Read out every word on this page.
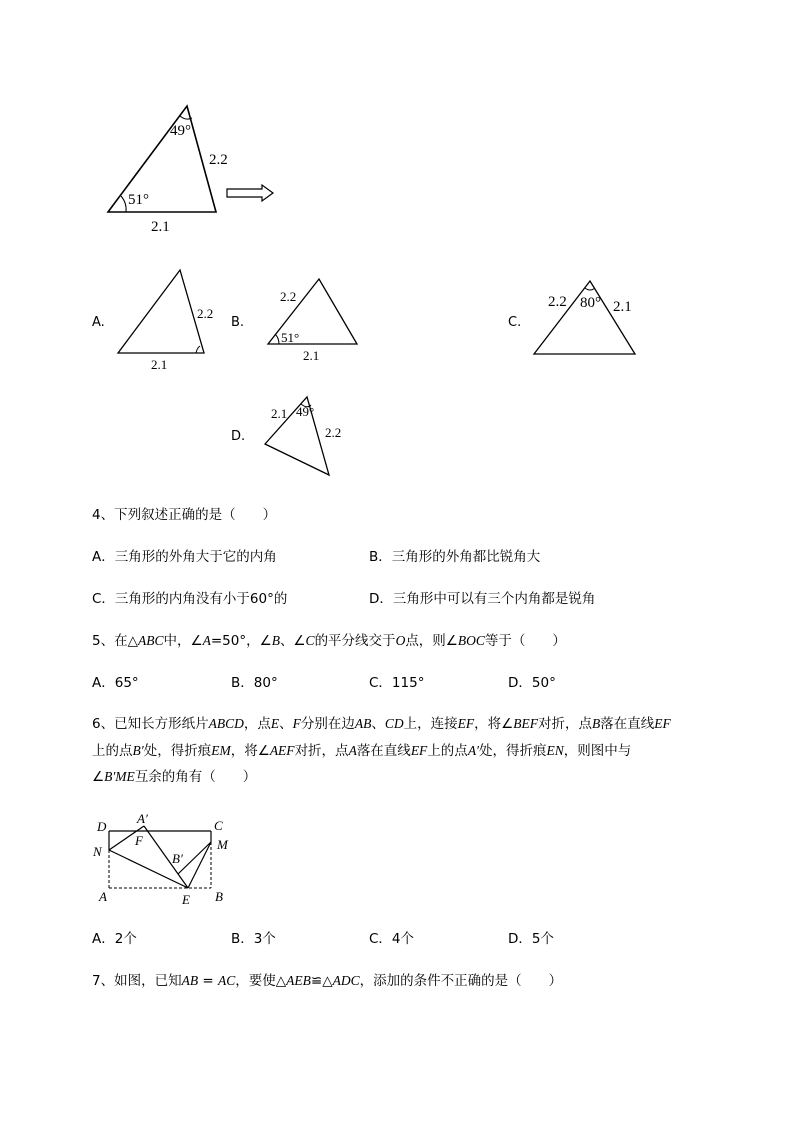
49°
51°
2.2
2.1
A.
2.2
2.1
B.
2.2
51°
2.1
C.
2.2 80° 2.1
D.
2.1 49°
2.2
D
A′	C
N
F	M
B′
A	E B
4、下列叙述正确的是（　　）
A．三角形的外角大于它的内角	B．三角形的外角都比锐角大
C．三角形的内角没有小于60°的	D．三角形中可以有三个内角都是锐角
5、在△ABC中，∠A=50°，∠B、∠C的平分线交于O点，则∠BOC等于（　　）
A．65°	B．80°	C．115°	D．50°
6、已知长方形纸片ABCD，点E、F分别在边AB、CD上，连接EF，将∠BEF对折，点B落在直线EF
上的点B′处，得折痕EM，将∠AEF对折，点A落在直线EF上的点A′处，得折痕EN，则图中与
∠B′ME互余的角有（　　）
A．2个	B．3个	C．4个	D．5个
7、如图，已知AB = AC，要使△AEB≌△ADC，添加的条件不正确的是（　　）
